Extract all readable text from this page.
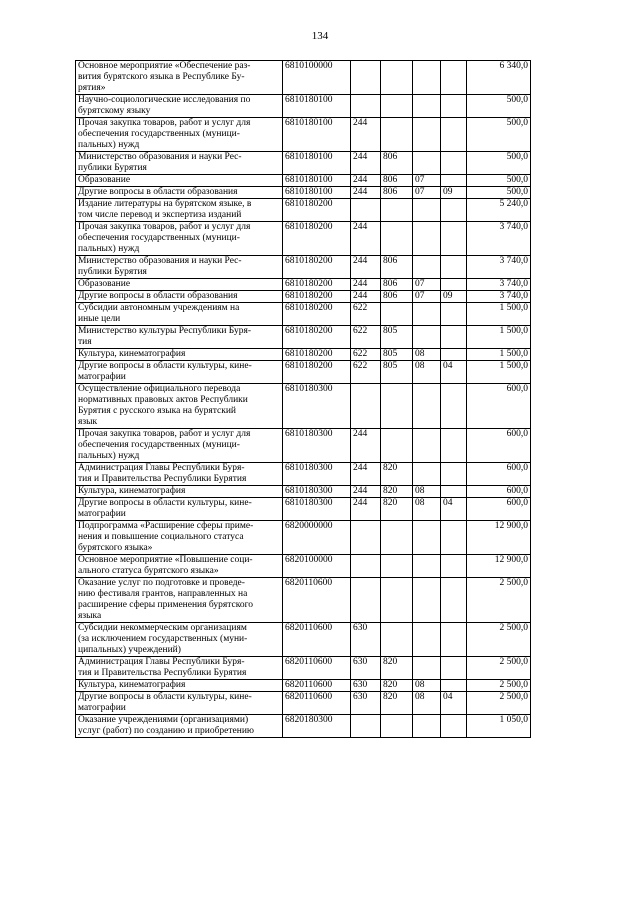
134
Основное мероприятие «Обеспечение раз-
вития бурятского языка в Республике Бу-
рятия»	6810100000					6 340,0
Научно-социологические исследования по
бурятскому языку	6810180100					500,0
Прочая закупка товаров, работ и услуг для
обеспечения государственных (муници-
пальных) нужд	6810180100	244				500,0
Министерство образования и науки Рес-
публики Бурятия	6810180100	244	806			500,0
Образование	6810180100	244	806	07		500,0
Другие вопросы в области образования	6810180100	244	806	07	09	500,0
Издание литературы на бурятском языке, в
том числе перевод и экспертиза изданий	6810180200					5 240,0
Прочая закупка товаров, работ и услуг для
обеспечения государственных (муници-
пальных) нужд	6810180200	244				3 740,0
Министерство образования и науки Рес-
публики Бурятия	6810180200	244	806			3 740,0
Образование	6810180200	244	806	07		3 740,0
Другие вопросы в области образования	6810180200	244	806	07	09	3 740,0
Субсидии автономным учреждениям на
иные цели	6810180200	622				1 500,0
Министерство культуры Республики Буря-
тия	6810180200	622	805			1 500,0
Культура, кинематография	6810180200	622	805	08		1 500,0
Другие вопросы в области культуры, кине-
матографии	6810180200	622	805	08	04	1 500,0
Осуществление официального перевода
нормативных правовых актов Республики
Бурятия с русского языка на бурятский
язык	6810180300					600,0
Прочая закупка товаров, работ и услуг для
обеспечения государственных (муници-
пальных) нужд	6810180300	244				600,0
Администрация Главы Республики Буря-
тия и Правительства Республики Бурятия	6810180300	244	820			600,0
Культура, кинематография	6810180300	244	820	08		600,0
Другие вопросы в области культуры, кине-
матографии	6810180300	244	820	08	04	600,0
Подпрограмма «Расширение сферы приме-
нения и повышение социального статуса
бурятского языка»	6820000000					12 900,0
Основное мероприятие «Повышение соци-
ального статуса бурятского языка»	6820100000					12 900,0
Оказание услуг по подготовке и проведе-
нию фестиваля грантов, направленных на
расширение сферы применения бурятского
языка	6820110600					2 500,0
Субсидии некоммерческим организациям
(за исключением государственных (муни-
ципальных) учреждений)	6820110600	630				2 500,0
Администрация Главы Республики Буря-
тия и Правительства Республики Бурятия	6820110600	630	820			2 500,0
Культура, кинематография	6820110600	630	820	08		2 500,0
Другие вопросы в области культуры, кине-
матографии	6820110600	630	820	08	04	2 500,0
Оказание учреждениями (организациями)
услуг (работ) по созданию и приобретению	6820180300					1 050,0
